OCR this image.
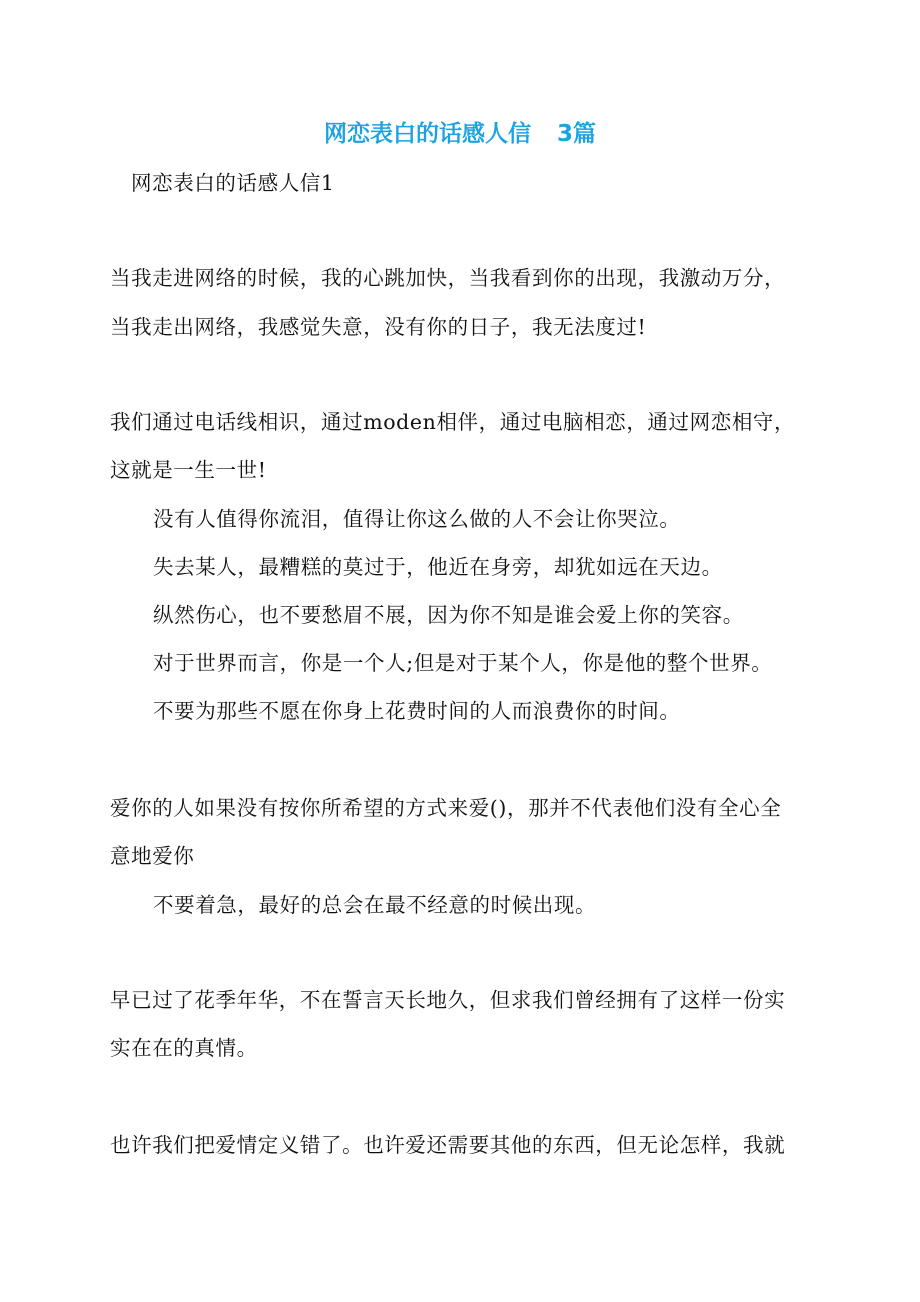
网恋表白的话感人信 3篇
网恋表白的话感人信1
当我走进网络的时候，我的心跳加快，当我看到你的出现，我激动万分，
当我走出网络，我感觉失意，没有你的日子，我无法度过!
我们通过电话线相识，通过moden相伴，通过电脑相恋，通过网恋相守，
这就是一生一世!
没有人值得你流泪，值得让你这么做的人不会让你哭泣。
失去某人，最糟糕的莫过于，他近在身旁，却犹如远在天边。
纵然伤心，也不要愁眉不展，因为你不知是谁会爱上你的笑容。
对于世界而言，你是一个人;但是对于某个人，你是他的整个世界。
不要为那些不愿在你身上花费时间的人而浪费你的时间。
爱你的人如果没有按你所希望的方式来爱()，那并不代表他们没有全心全
意地爱你
不要着急，最好的总会在最不经意的时候出现。
早已过了花季年华，不在誓言天长地久，但求我们曾经拥有了这样一份实
实在在的真情。
也许我们把爱情定义错了。也许爱还需要其他的东西，但无论怎样，我就
